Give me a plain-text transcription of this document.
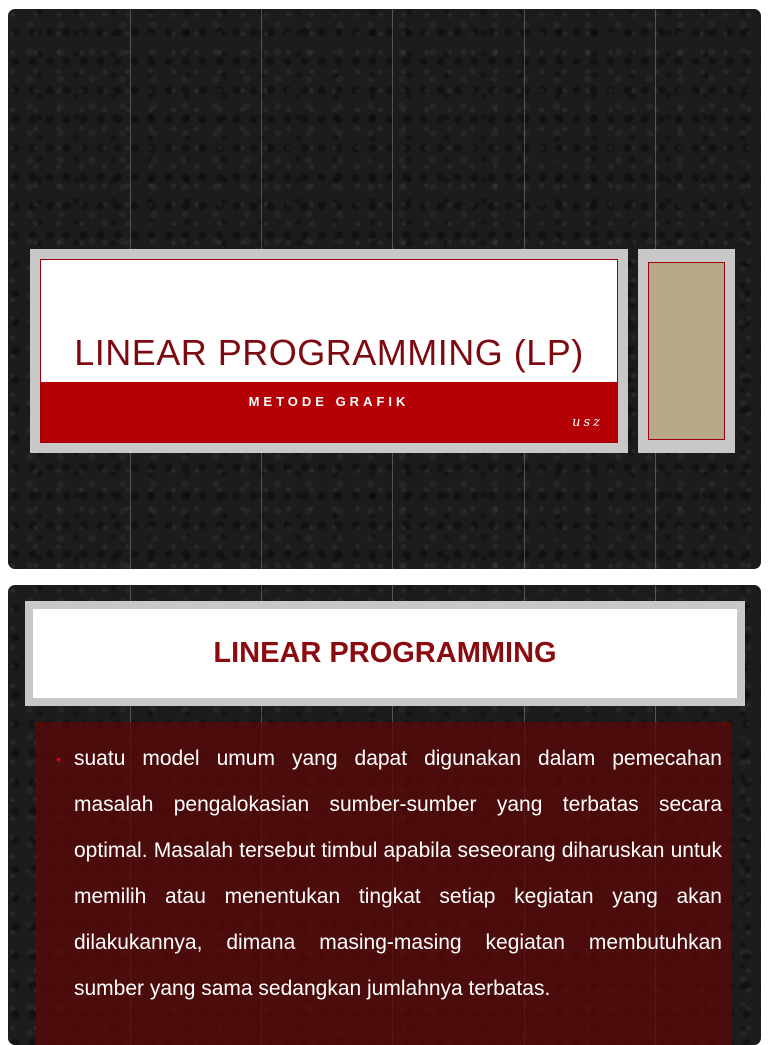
LINEAR PROGRAMMING (LP)
METODE GRAFIK
usz
LINEAR PROGRAMMING
• suatu model umum yang dapat digunakan dalam pemecahan masalah pengalokasian sumber-sumber yang terbatas secara optimal. Masalah tersebut timbul apabila seseorang diharuskan untuk memilih atau menentukan tingkat setiap kegiatan yang akan dilakukannya, dimana masing-masing kegiatan membutuhkan sumber yang sama sedangkan jumlahnya terbatas.
